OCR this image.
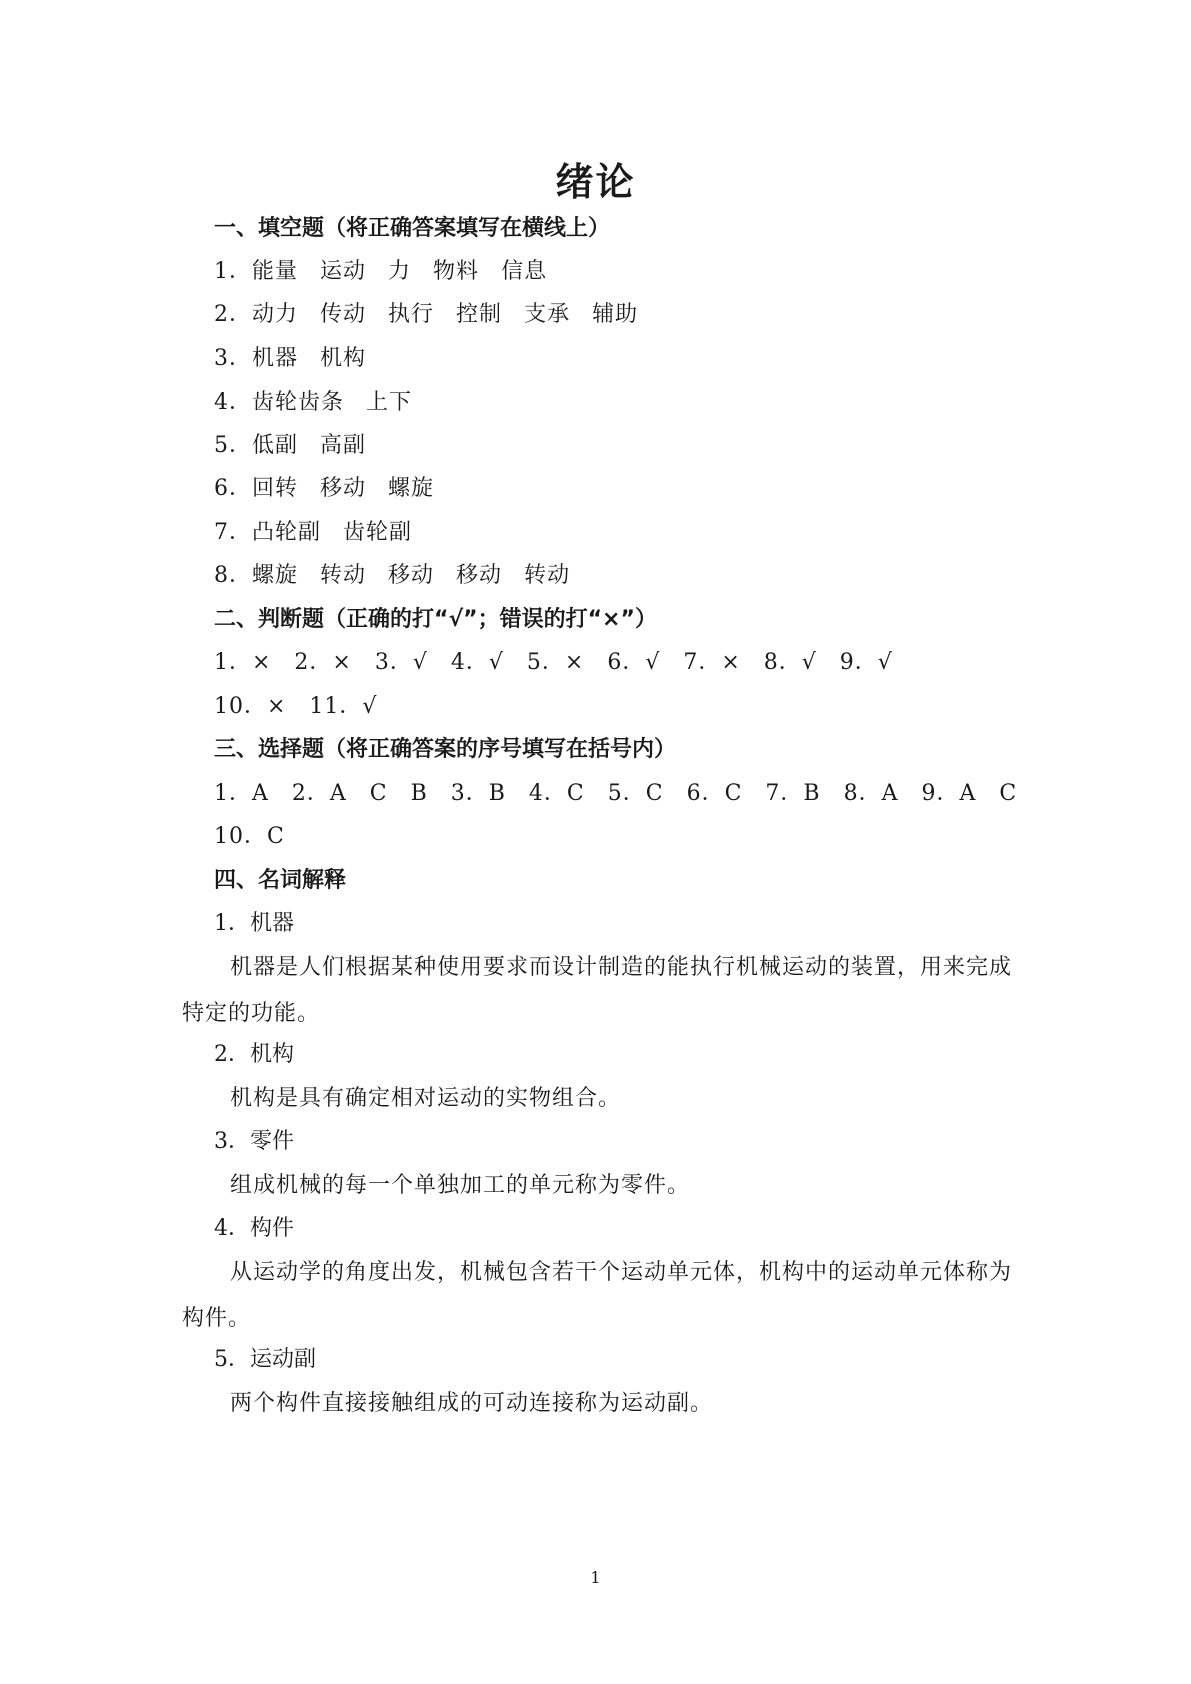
绪论
一、填空题（将正确答案填写在横线上）
1．能量 运动 力 物料 信息
2．动力 传动 执行 控制 支承 辅助
3．机器 机构
4．齿轮齿条 上下
5．低副 高副
6．回转 移动 螺旋
7．凸轮副 齿轮副
8．螺旋 转动 移动 移动 转动
二、判断题（正确的打“√”；错误的打“×”）
1．×　2．×　3．√　4．√　5．×　6．√　7．×　8．√　9．√
10．×　11．√
三、选择题（将正确答案的序号填写在括号内）
1．A　2．A　C　B　3．B　4．C　5．C　6．C　7．B　8．A　9．A　C
10．C
四、名词解释
1．机器
机器是人们根据某种使用要求而设计制造的能执行机械运动的装置，用来完成特定的功能。
2．机构
机构是具有确定相对运动的实物组合。
3．零件
组成机械的每一个单独加工的单元称为零件。
4．构件
从运动学的角度出发，机械包含若干个运动单元体，机构中的运动单元体称为构件。
5．运动副
两个构件直接接触组成的可动连接称为运动副。
1
